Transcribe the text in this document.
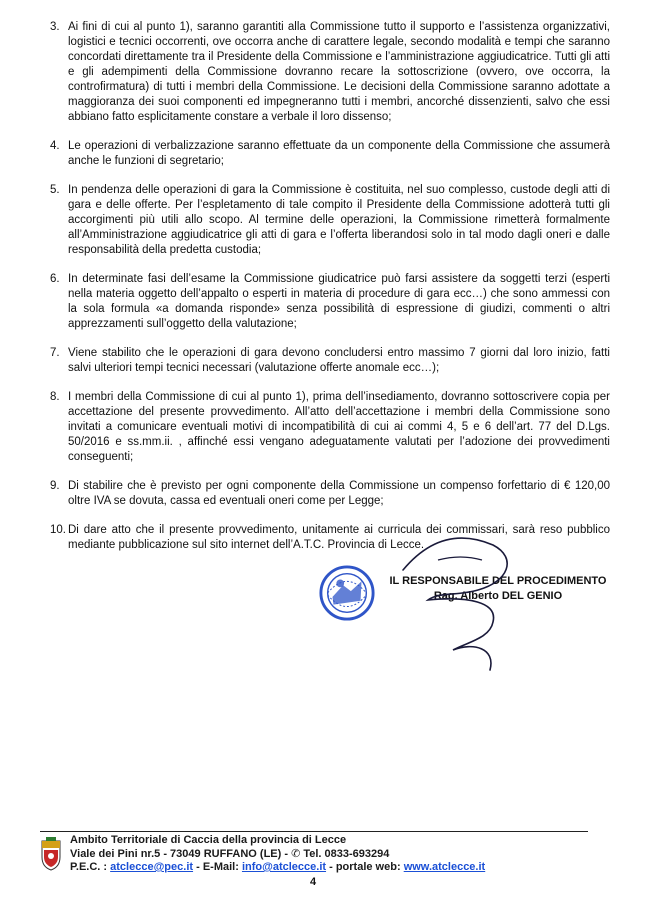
3. Ai fini di cui al punto 1), saranno garantiti alla Commissione tutto il supporto e l’assistenza organizzativi, logistici e tecnici occorrenti, ove occorra anche di carattere legale, secondo modalità e tempi che saranno concordati direttamente tra il Presidente della Commissione e l’amministrazione aggiudicatrice. Tutti gli atti e gli adempimenti della Commissione dovranno recare la sottoscrizione (ovvero, ove occorra, la controfirmatura) di tutti i membri della Commissione. Le decisioni della Commissione saranno adottate a maggioranza dei suoi componenti ed impegneranno tutti i membri, ancorché dissenzienti, salvo che essi abbiano fatto esplicitamente constare a verbale il loro dissenso;
4. Le operazioni di verbalizzazione saranno effettuate da un componente della Commissione che assumerà anche le funzioni di segretario;
5. In pendenza delle operazioni di gara la Commissione è costituita, nel suo complesso, custode degli atti di gara e delle offerte. Per l’espletamento di tale compito il Presidente della Commissione adotterà tutti gli accorgimenti più utili allo scopo. Al termine delle operazioni, la Commissione rimetterà formalmente all’Amministrazione aggiudicatrice gli atti di gara e l’offerta liberandosi solo in tal modo dagli oneri e dalle responsabilità della predetta custodia;
6. In determinate fasi dell’esame la Commissione giudicatrice può farsi assistere da soggetti terzi (esperti nella materia oggetto dell’appalto o esperti in materia di procedure di gara ecc…) che sono ammessi con la sola formula «a domanda risponde» senza possibilità di espressione di giudizi, commenti o altri apprezzamenti sull’oggetto della valutazione;
7. Viene stabilito che le operazioni di gara devono concludersi entro massimo 7 giorni dal loro inizio, fatti salvi ulteriori tempi tecnici necessari (valutazione offerte anomale ecc…);
8. I membri della Commissione di cui al punto 1), prima dell’insediamento, dovranno sottoscrivere copia per accettazione del presente provvedimento. All’atto dell’accettazione i membri della Commissione sono invitati a comunicare eventuali motivi di incompatibilità di cui ai commi 4, 5 e 6 dell’art. 77 del D.Lgs. 50/2016 e ss.mm.ii. , affinché essi vengano adeguatamente valutati per l’adozione dei provvedimenti conseguenti;
9. Di stabilire che è previsto per ogni componente della Commissione un compenso forfettario di € 120,00 oltre IVA se dovuta, cassa ed eventuali oneri come per Legge;
10. Di dare atto che il presente provvedimento, unitamente ai curricula dei commissari, sarà reso pubblico mediante pubblicazione sul sito internet dell’A.T.C. Provincia di Lecce.
IL RESPONSABILE DEL PROCEDIMENTO
Rag. Alberto DEL GENIO
Ambito Territoriale di Caccia della provincia di Lecce
Viale dei Pini nr.5 - 73049 RUFFANO (LE) - ✆ Tel. 0833-693294
P.E.C. : atclecce@pec.it - E-Mail: info@atclecce.it - portale web: www.atclecce.it
4
